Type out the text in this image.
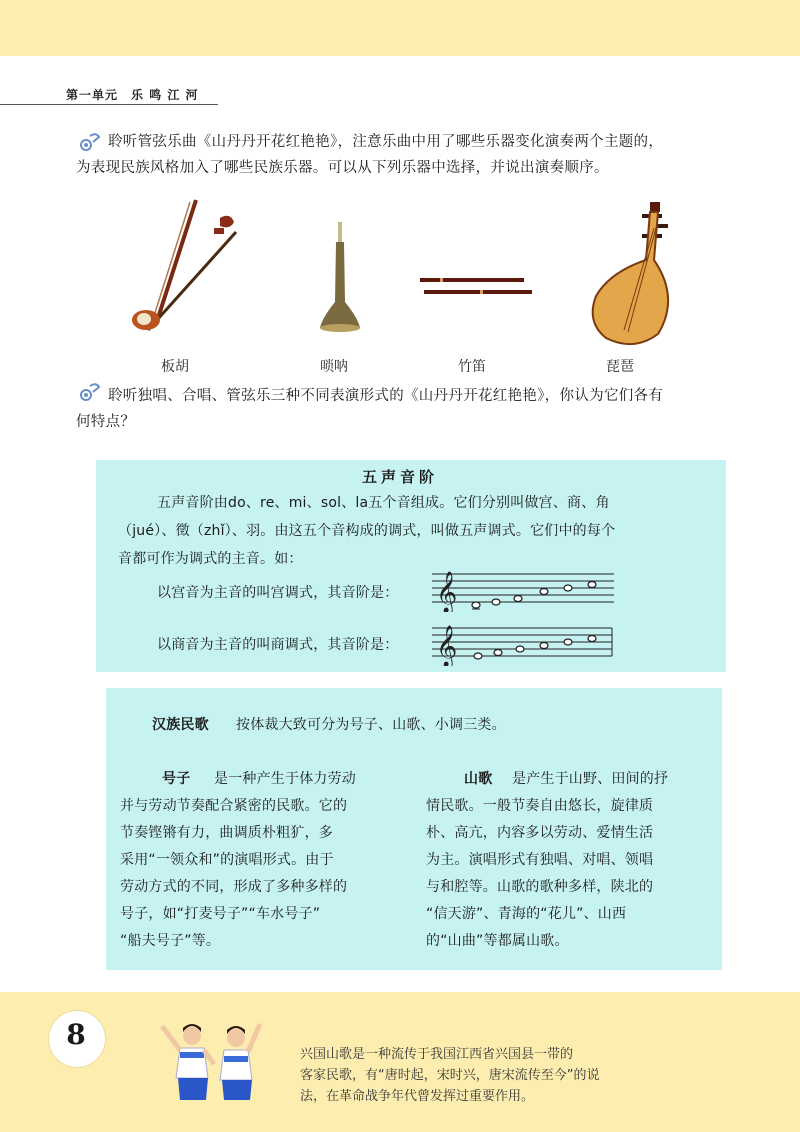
第一单元　乐 鸣 江 河
聆听管弦乐曲《山丹丹开花红艳艳》，注意乐曲中用了哪些乐器变化演奏两个主题的，
为表现民族风格加入了哪些民族乐器。可以从下列乐器中选择，并说出演奏顺序。
板胡	唢呐	竹笛	琵琶
聆听独唱、合唱、管弦乐三种不同表演形式的《山丹丹开花红艳艳》，你认为它们各有
何特点？
五声音阶
五声音阶由do、re、mi、sol、la五个音组成。它们分别叫做宫、商、角
（jué）、徵（zhǐ）、羽。由这五个音构成的调式，叫做五声调式。它们中的每个
音都可作为调式的主音。如：
以宫音为主音的叫宫调式，其音阶是：
以商音为主音的叫商调式，其音阶是：
𝄞
𝄞
汉族民歌 按体裁大致可分为号子、山歌、小调三类。
号子 是一种产生于体力劳动
并与劳动节奏配合紧密的民歌。它的
节奏铿锵有力，曲调质朴粗犷，多
采用“一领众和”的演唱形式。由于
劳动方式的不同，形成了多种多样的
号子，如“打麦号子”“车水号子”
“船夫号子”等。
山歌 是产生于山野、田间的抒
情民歌。一般节奏自由悠长，旋律质
朴、高亢，内容多以劳动、爱情生活
为主。演唱形式有独唱、对唱、领唱
与和腔等。山歌的歌种多样，陕北的
“信天游”、青海的“花儿”、山西
的“山曲”等都属山歌。
8
兴国山歌是一种流传于我国江西省兴国县一带的
客家民歌，有“唐时起，宋时兴，唐宋流传至今”的说
法，在革命战争年代曾发挥过重要作用。
